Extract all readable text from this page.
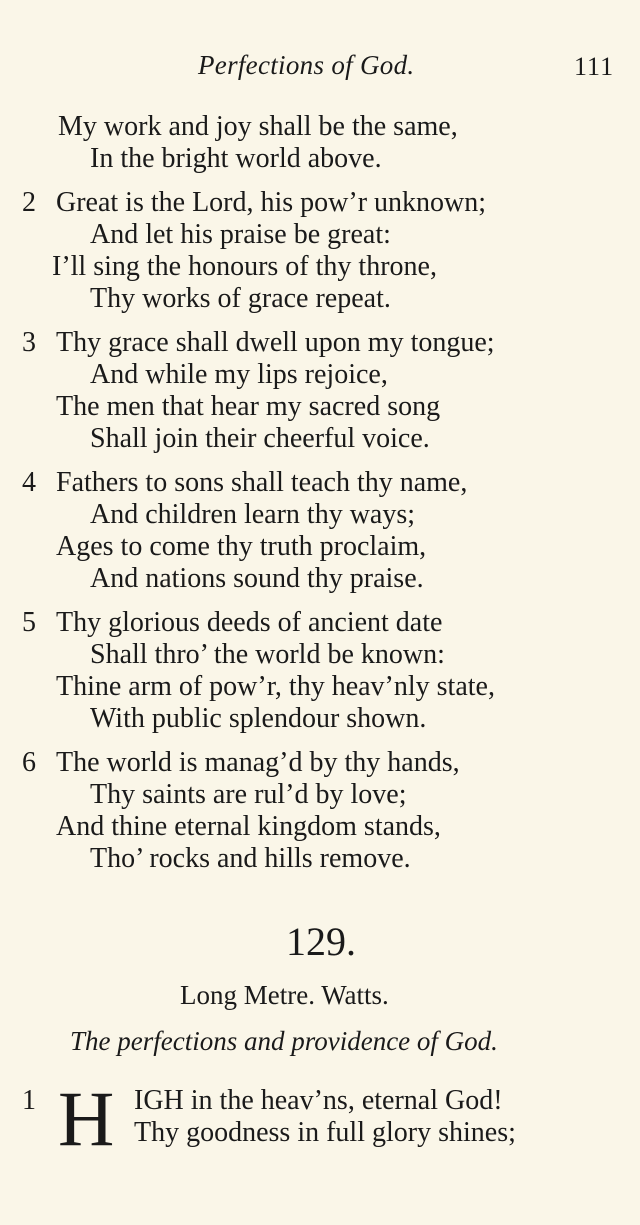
Perfections of God.	111
My work and joy shall be the same,
In the bright world above.
2 Great is the Lord, his pow’r unknown;
And let his praise be great:
I’ll sing the honours of thy throne,
Thy works of grace repeat.
3 Thy grace shall dwell upon my tongue;
And while my lips rejoice,
The men that hear my sacred song
Shall join their cheerful voice.
4 Fathers to sons shall teach thy name,
And children learn thy ways;
Ages to come thy truth proclaim,
And nations sound thy praise.
5 Thy glorious deeds of ancient date
Shall thro’ the world be known:
Thine arm of pow’r, thy heav’nly state,
With public splendour shown.
6 The world is manag’d by thy hands,
Thy saints are rul’d by love;
And thine eternal kingdom stands,
Tho’ rocks and hills remove.
129.
Long Metre. Watts.
The perfections and providence of God.
1 H IGH in the heav’ns, eternal God!
Thy goodness in full glory shines;
